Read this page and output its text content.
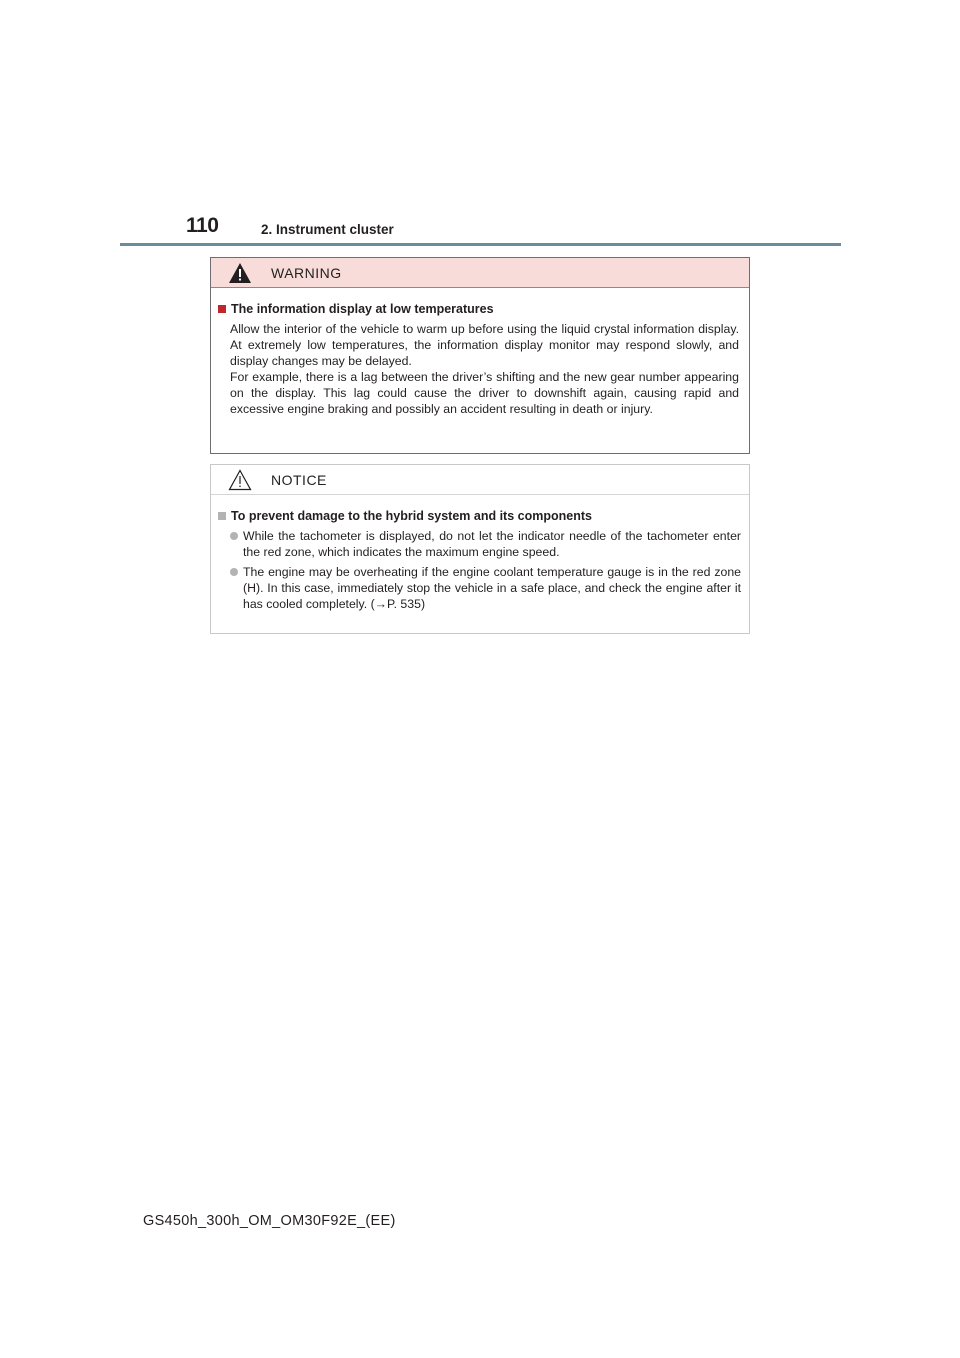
110	2. Instrument cluster
WARNING
The information display at low temperatures
Allow the interior of the vehicle to warm up before using the liquid crystal information display. At extremely low temperatures, the information display monitor may respond slowly, and display changes may be delayed.
For example, there is a lag between the driver’s shifting and the new gear number appearing on the display. This lag could cause the driver to downshift again, causing rapid and excessive engine braking and possibly an accident resulting in death or injury.
NOTICE
To prevent damage to the hybrid system and its components
While the tachometer is displayed, do not let the indicator needle of the tachometer enter the red zone, which indicates the maximum engine speed.
The engine may be overheating if the engine coolant temperature gauge is in the red zone (H). In this case, immediately stop the vehicle in a safe place, and check the engine after it has cooled completely. (→P. 535)
GS450h_300h_OM_OM30F92E_(EE)
